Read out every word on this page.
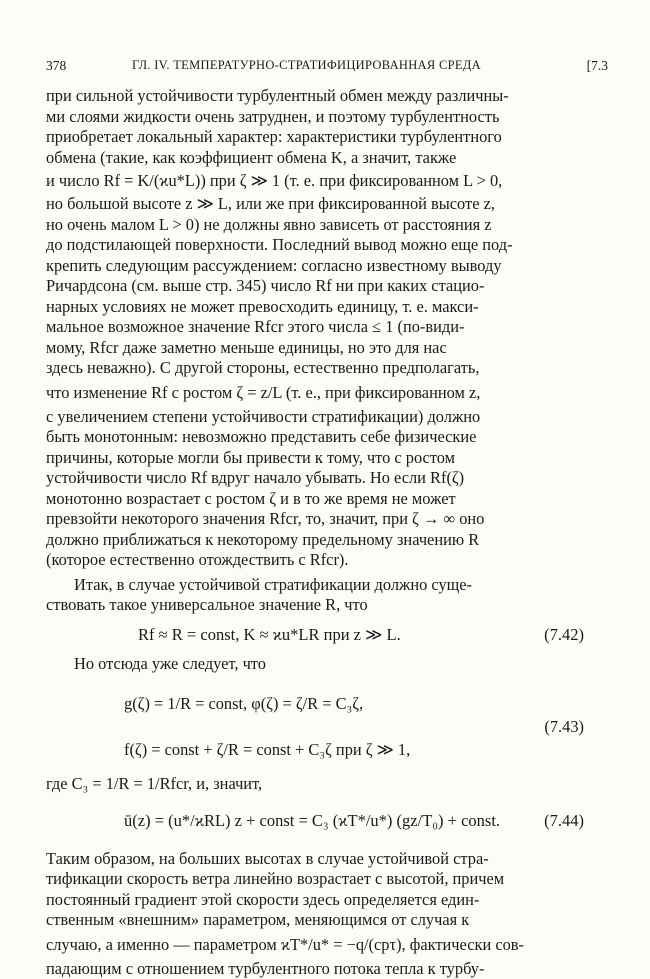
378	ГЛ. IV. ТЕМПЕРАТУРНО-СТРАТИФИЦИРОВАННАЯ СРЕДА	[7.3
при сильной устойчивости турбулентный обмен между различны-
ми слоями жидкости очень затруднен, и поэтому турбулентность
приобретает локальный характер: характеристики турбулентного
обмена (такие, как коэффициент обмена K, а значит, также
и число Rf = K/(ϰu*L)) при ζ ≫ 1 (т. е. при фиксированном L > 0,
но большой высоте z ≫ L, или же при фиксированной высоте z,
но очень малом L > 0) не должны явно зависеть от расстояния z
до подстилающей поверхности. Последний вывод можно еще под-
крепить следующим рассуждением: согласно известному выводу
Ричардсона (см. выше стр. 345) число Rf ни при каких стацио-
нарных условиях не может превосходить единицу, т. е. макси-
мальное возможное значение Rfcr этого числа ≤ 1 (по-види-
мому, Rfcr даже заметно меньше единицы, но это для нас
здесь неважно). С другой стороны, естественно предполагать,
что изменение Rf с ростом ζ = z/L (т. е., при фиксированном z,
с увеличением степени устойчивости стратификации) должно
быть монотонным: невозможно представить себе физические
причины, которые могли бы привести к тому, что с ростом
устойчивости число Rf вдруг начало убывать. Но если Rf(ζ)
монотонно возрастает с ростом ζ и в то же время не может
превзойти некоторого значения Rfcr, то, значит, при ζ → ∞ оно
должно приближаться к некоторому предельному значению R
(которое естественно отождествить с Rfcr).
Итак, в случае устойчивой стратификации должно суще-
ствовать такое универсальное значение R, что
Rf ≈ R = const, K ≈ ϰu*LR при z ≫ L.	(7.42)
Но отсюда уже следует, что
g(ζ) = 1/R = const, φ(ζ) = ζ/R = C₃ζ,
f(ζ) = const + ζ/R = const + C₃ζ при ζ ≫ 1,
(7.43)
где C₃ = 1/R = 1/Rfcr, и, значит,
ū(z) = (u*/ϰRL) z + const = C₃ (ϰT*/u*) (gz/T₀) + const.	(7.44)
Таким образом, на больших высотах в случае устойчивой стра-
тификации скорость ветра линейно возрастает с высотой, причем
постоянный градиент этой скорости здесь определяется един-
ственным «внешним» параметром, меняющимся от случая к
случаю, а именно — параметром ϰT*/u* = −q/(cpτ), фактически сов-
падающим с отношением турбулентного потока тепла к турбу-
